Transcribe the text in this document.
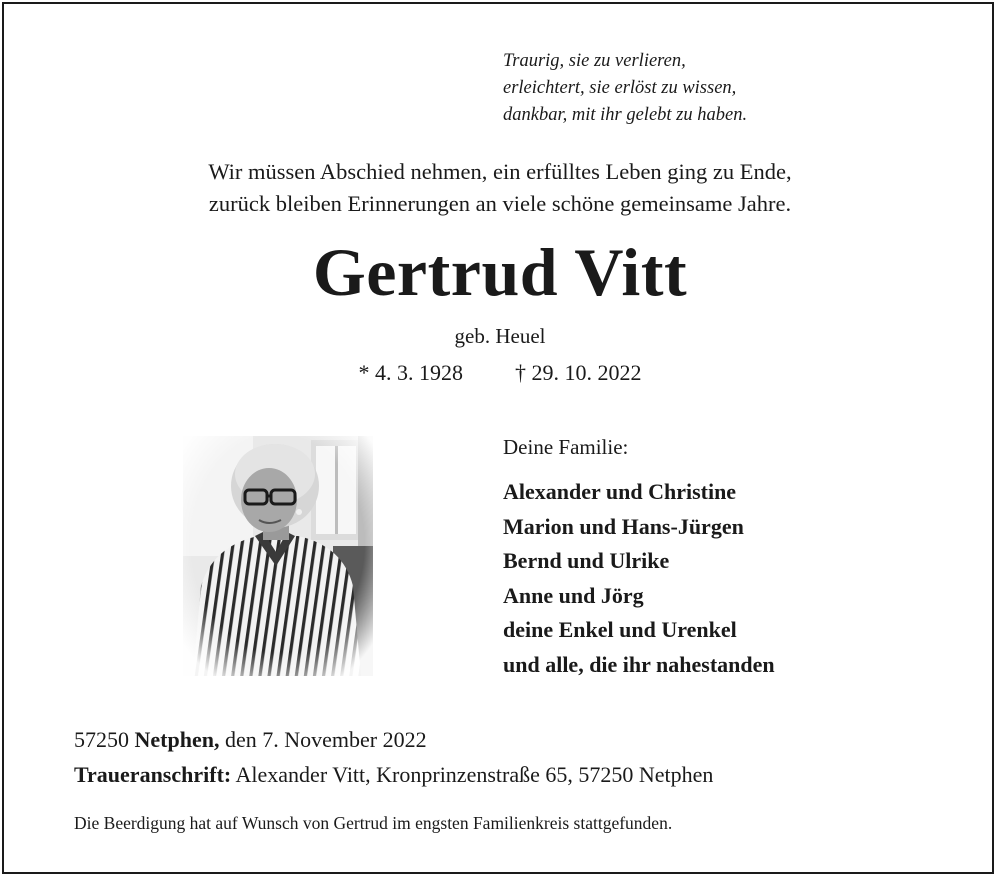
Traurig, sie zu verlieren,
erleichtert, sie erlöst zu wissen,
dankbar, mit ihr gelebt zu haben.
Wir müssen Abschied nehmen, ein erfülltes Leben ging zu Ende,
zurück bleiben Erinnerungen an viele schöne gemeinsame Jahre.
Gertrud Vitt
geb. Heuel
* 4. 3. 1928 † 29. 10. 2022
Deine Familie:
Alexander und Christine
Marion und Hans-Jürgen
Bernd und Ulrike
Anne und Jörg
deine Enkel und Urenkel
und alle, die ihr nahestanden
57250 Netphen, den 7. November 2022
Traueranschrift: Alexander Vitt, Kronprinzenstraße 65, 57250 Netphen
Die Beerdigung hat auf Wunsch von Gertrud im engsten Familienkreis stattgefunden.
